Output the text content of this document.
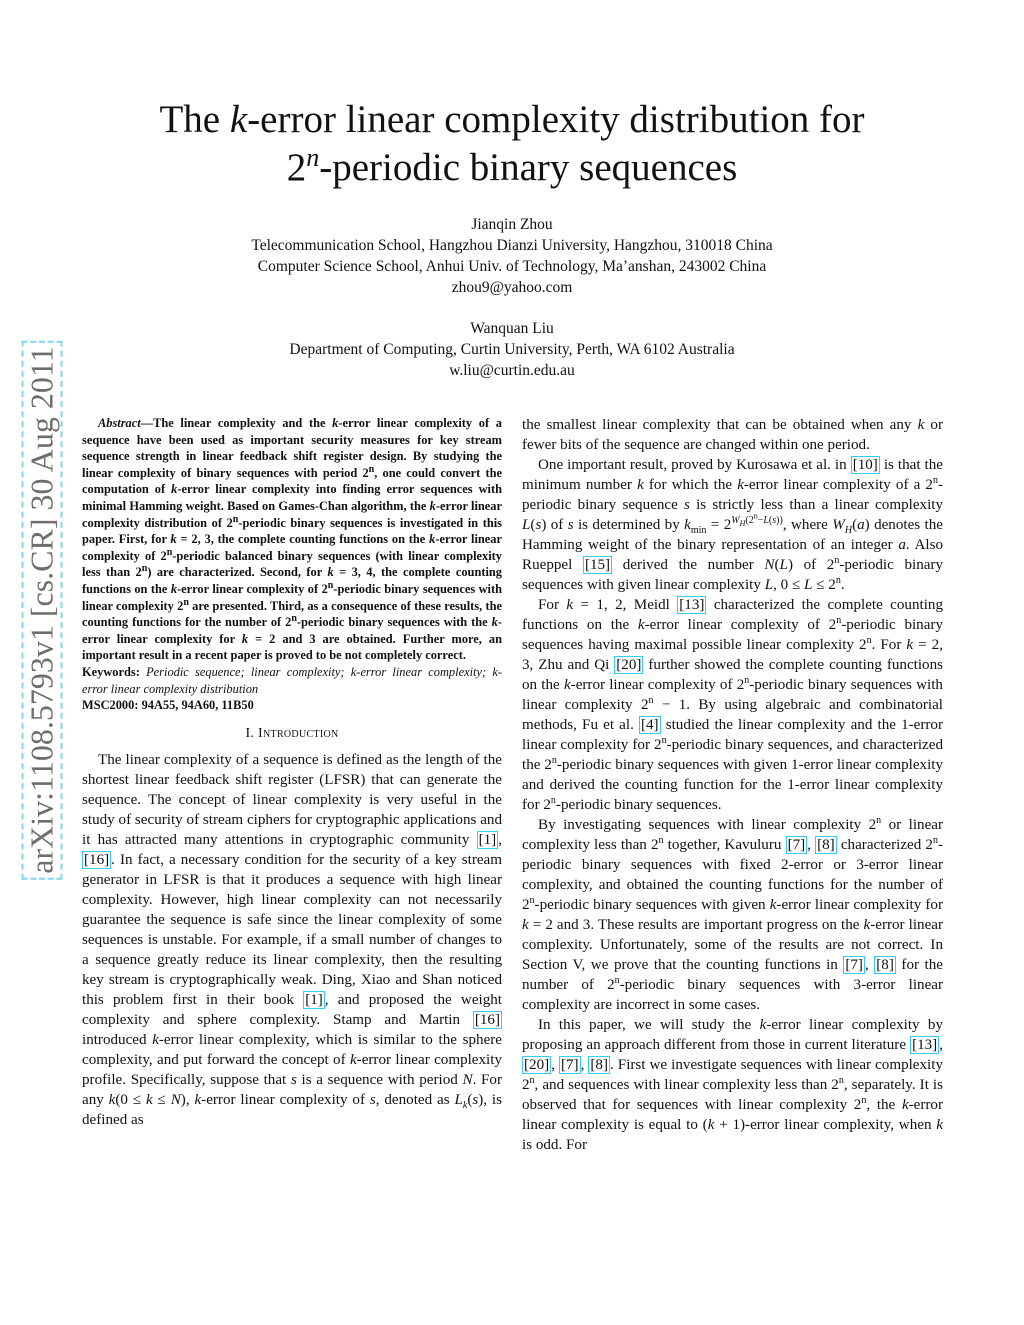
The k-error linear complexity distribution for
2$^n$-periodic binary sequences
Jianqin Zhou
Telecommunication School, Hangzhou Dianzi University, Hangzhou, 310018 China
Computer Science School, Anhui Univ. of Technology, Ma’anshan, 243002 China
zhou9@yahoo.com
Wanquan Liu
Department of Computing, Curtin University, Perth, WA 6102 Australia
w.liu@curtin.edu.au
arXiv:1108.5793v1 [cs.CR] 30 Aug 2011	Abstract—The linear complexity and the k-error linear complexity of a sequence have been used as important security measures for key stream sequence strength in linear feedback shift register design. By studying the linear complexity of binary sequences with period 2$^n$, one could convert the computation of k-error linear complexity into finding error sequences with minimal Hamming weight. Based on Games-Chan algorithm, the k-error linear complexity distribution of 2$^n$-periodic binary sequences is investigated in this paper. First, for k = 2, 3, the complete counting functions on the k-error linear complexity of 2$^n$-periodic balanced binary sequences (with linear complexity less than 2$^n$) are characterized. Second, for k = 3, 4, the complete counting functions on the k-error linear complexity of 2$^n$-periodic binary sequences with linear complexity 2$^n$ are presented. Third, as a consequence of these results, the counting functions for the number of 2$^n$-periodic binary sequences with the k-error linear complexity for k = 2 and 3 are obtained. Further more, an important result in a recent paper is proved to be not completely correct.

Keywords: Periodic sequence; linear complexity; k-error linear complexity; k-error linear complexity distribution

MSC2000: 94A55, 94A60, 11B50

I. Introduction

The linear complexity of a sequence is defined as the length of the shortest linear feedback shift register (LFSR) that can generate the sequence. The concept of linear complexity is very useful in the study of security of stream ciphers for cryptographic applications and it has attracted many attentions in cryptographic community [1] , [16] . In fact, a necessary condition for the security of a key stream generator in LFSR is that it produces a sequence with high linear complexity. However, high linear complexity can not necessarily guarantee the sequence is safe since the linear complexity of some sequences is unstable. For example, if a small number of changes to a sequence greatly reduce its linear complexity, then the resulting key stream is cryptographically weak. Ding, Xiao and Shan noticed this problem first in their book [1] , and proposed the weight complexity and sphere complexity. Stamp and Martin [16] introduced k-error linear complexity, which is similar to the sphere complexity, and put forward the concept of k-error linear complexity profile. Specifically, suppose that s is a sequence with period N. For any k(0 ≤ k ≤ N), k-error linear complexity of s, denoted as $L_k(s)$, is defined as

the smallest linear complexity that can be obtained when any k or fewer bits of the sequence are changed within one period.

One important result, proved by Kurosawa et al. in [10] is that the minimum number k for which the k-error linear complexity of a 2$^n$-periodic binary sequence s is strictly less than a linear complexity L(s) of s is determined by $k_{min} = 2^{W_H(2^n-L(s))}$, where $W_H(a)$ denotes the Hamming weight of the binary representation of an integer a. Also Rueppel [15] derived the number N(L) of 2$^n$-periodic binary sequences with given linear complexity L, $0 \le L \le 2^n$.

For k = 1, 2, Meidl [13] characterized the complete counting functions on the k-error linear complexity of 2$^n$-periodic binary sequences having maximal possible linear complexity 2$^n$. For k = 2, 3, Zhu and Qi [20] further showed the complete counting functions on the k-error linear complexity of 2$^n$-periodic binary sequences with linear complexity $2^n - 1$. By using algebraic and combinatorial methods, Fu et al. [4] studied the linear complexity and the 1-error linear complexity for 2$^n$-periodic binary sequences, and characterized the 2$^n$-periodic binary sequences with given 1-error linear complexity and derived the counting function for the 1-error linear complexity for 2$^n$-periodic binary sequences.

By investigating sequences with linear complexity 2$^n$ or linear complexity less than 2$^n$ together, Kavuluru [7] , [8] characterized 2$^n$-periodic binary sequences with fixed 2-error or 3-error linear complexity, and obtained the counting functions for the number of 2$^n$-periodic binary sequences with given k-error linear complexity for k = 2 and 3. These results are important progress on the k-error linear complexity. Unfortunately, some of the results are not correct. In Section V, we prove that the counting functions in [7] , [8] for the number of 2$^n$-periodic binary sequences with 3-error linear complexity are incorrect in some cases.

In this paper, we will study the k-error linear complexity by proposing an approach different from those in current literature [13] , [20] , [7] , [8] . First we investigate sequences with linear complexity 2$^n$, and sequences with linear complexity less than 2$^n$, separately. It is observed that for sequences with linear complexity 2$^n$, the k-error linear complexity is equal to (k + 1)-error linear complexity, when k is odd. For
